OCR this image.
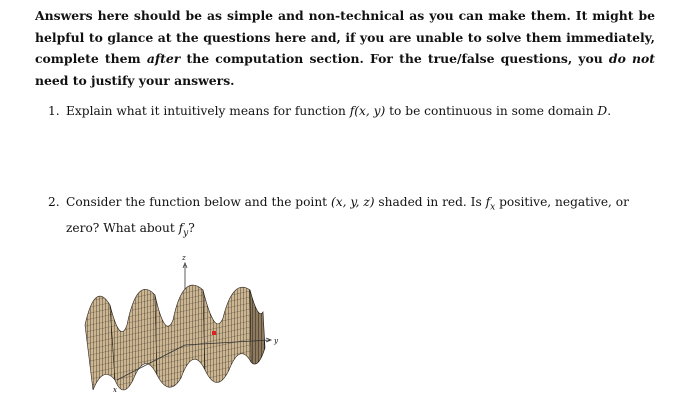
Answers here should be as simple and non-technical as you can make them. It might be helpful to glance at the questions here and, if you are unable to solve them immediately, complete them after the computation section. For the true/false questions, you do not need to justify your answers.
1. Explain what it intuitively means for function f(x, y) to be continuous in some domain D.
2. Consider the function below and the point (x, y, z) shaded in red. Is $f_x$ positive, negative, or
zero? What about $f_y$?
z
x
y
